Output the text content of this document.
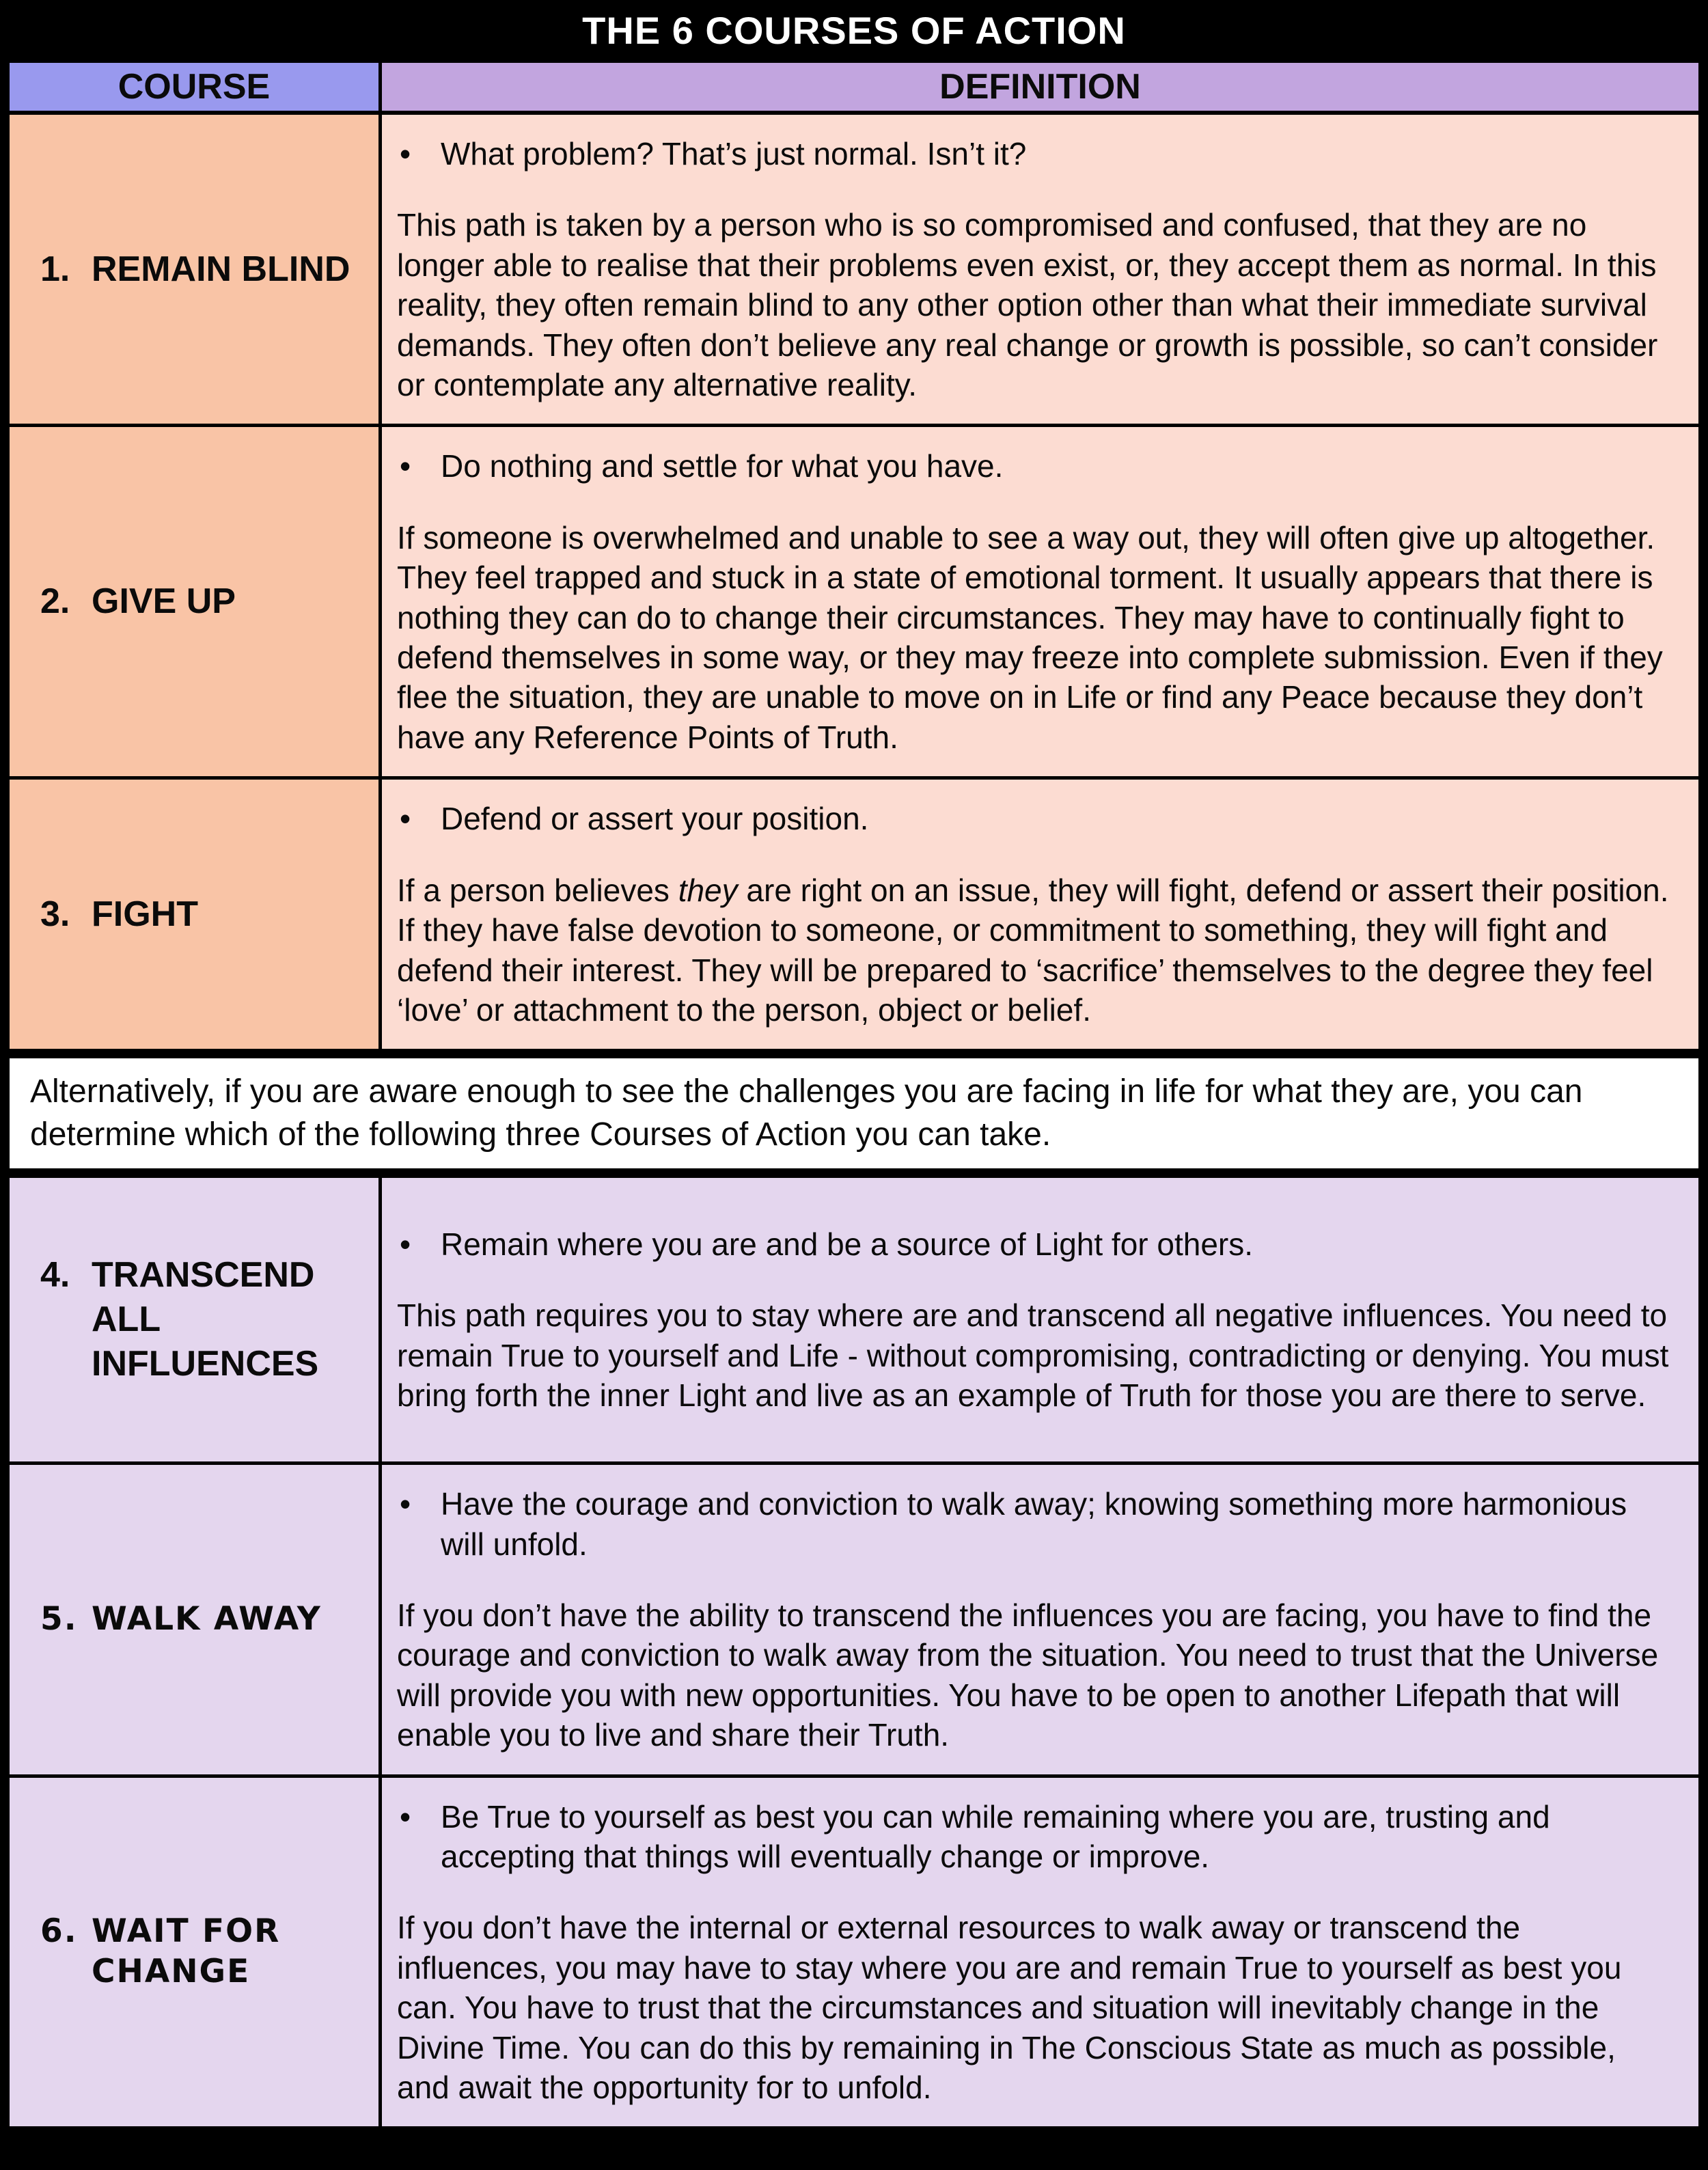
THE 6 COURSES OF ACTION
COURSE	DEFINITION
1. REMAIN BLIND
• What problem? That’s just normal. Isn’t it?

This path is taken by a person who is so compromised and confused, that they are no longer able to realise that their problems even exist, or, they accept them as normal. In this reality, they often remain blind to any other option other than what their immediate survival demands. They often don’t believe any real change or growth is possible, so can’t consider or contemplate any alternative reality.

2. GIVE UP
• Do nothing and settle for what you have.

If someone is overwhelmed and unable to see a way out, they will often give up altogether. They feel trapped and stuck in a state of emotional torment. It usually appears that there is nothing they can do to change their circumstances. They may have to continually fight to defend themselves in some way, or they may freeze into complete submission. Even if they flee the situation, they are unable to move on in Life or find any Peace because they don’t have any Reference Points of Truth.

3. FIGHT
• Defend or assert your position.

If a person believes they are right on an issue, they will fight, defend or assert their position. If they have false devotion to someone, or commitment to something, they will fight and defend their interest. They will be prepared to ‘sacrifice’ themselves to the degree they feel ‘love’ or attachment to the person, object or belief.

Alternatively, if you are aware enough to see the challenges you are facing in life for what they are, you can determine which of the following three Courses of Action you can take.

4. TRANSCEND ALL INFLUENCES
• Remain where you are and be a source of Light for others.

This path requires you to stay where are and transcend all negative influences. You need to remain True to yourself and Life - without compromising, contradicting or denying. You must bring forth the inner Light and live as an example of Truth for those you are there to serve.

5. WALK AWAY
• Have the courage and conviction to walk away; knowing something more harmonious will unfold.

If you don’t have the ability to transcend the influences you are facing, you have to find the courage and conviction to walk away from the situation. You need to trust that the Universe will provide you with new opportunities. You have to be open to another Lifepath that will enable you to live and share their Truth.

6. WAIT FOR CHANGE
• Be True to yourself as best you can while remaining where you are, trusting and accepting that things will eventually change or improve.

If you don’t have the internal or external resources to walk away or transcend the influences, you may have to stay where you are and remain True to yourself as best you can. You have to trust that the circumstances and situation will inevitably change in the Divine Time. You can do this by remaining in The Conscious State as much as possible, and await the opportunity for to unfold.
